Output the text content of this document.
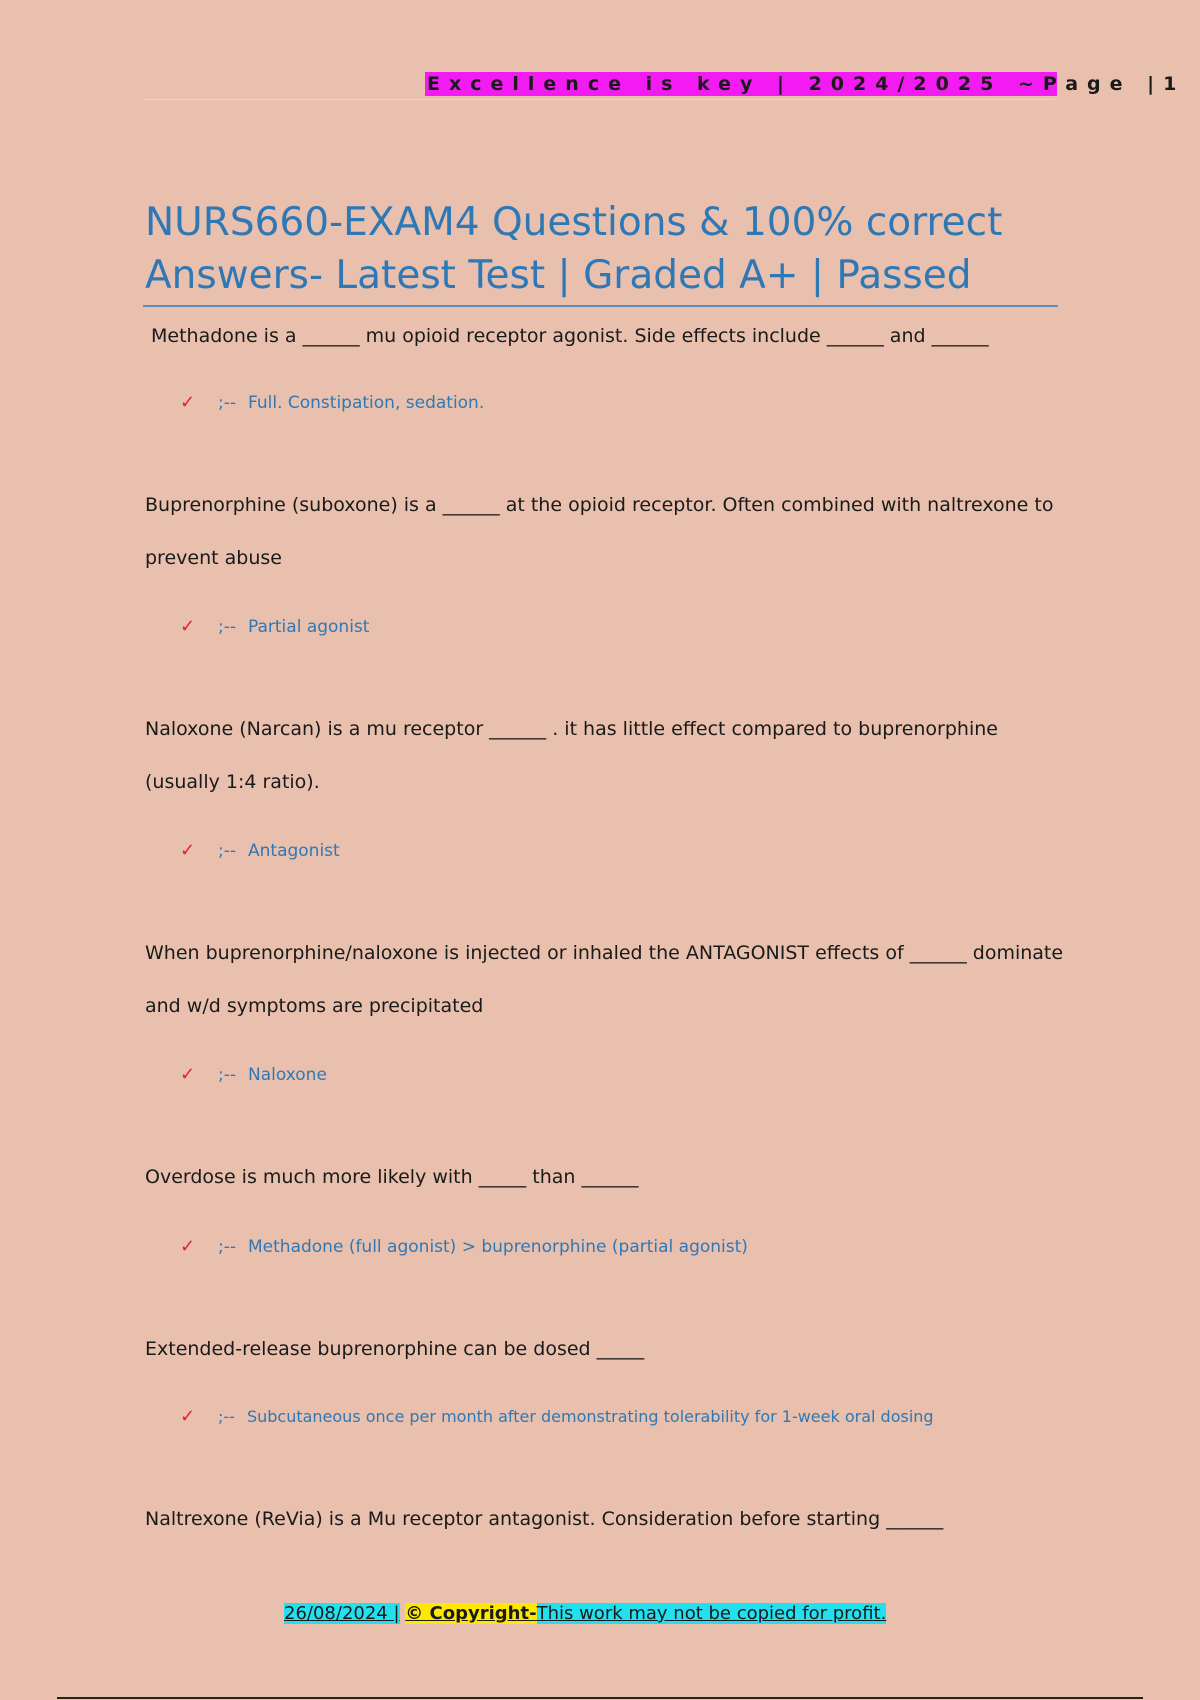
Excellence is key | 2024/2025 ~Page |1
NURS660-EXAM4 Questions & 100% correct
Answers- Latest Test | Graded A+ | Passed
Methadone is a ______ mu opioid receptor agonist. Side effects include ______ and ______
✓ ;-- Full. Constipation, sedation.
Buprenorphine (suboxone) is a ______ at the opioid receptor. Often combined with naltrexone to prevent abuse
✓ ;-- Partial agonist
Naloxone (Narcan) is a mu receptor ______ . it has little effect compared to buprenorphine (usually 1:4 ratio).
✓ ;-- Antagonist
When buprenorphine/naloxone is injected or inhaled the ANTAGONIST effects of ______ dominate and w/d symptoms are precipitated
✓ ;-- Naloxone
Overdose is much more likely with _____ than ______
✓ ;-- Methadone (full agonist) > buprenorphine (partial agonist)
Extended-release buprenorphine can be dosed _____
✓ ;-- Subcutaneous once per month after demonstrating tolerability for 1-week oral dosing
Naltrexone (ReVia) is a Mu receptor antagonist. Consideration before starting ______
26/08/2024 | © Copyright-This work may not be copied for profit.
